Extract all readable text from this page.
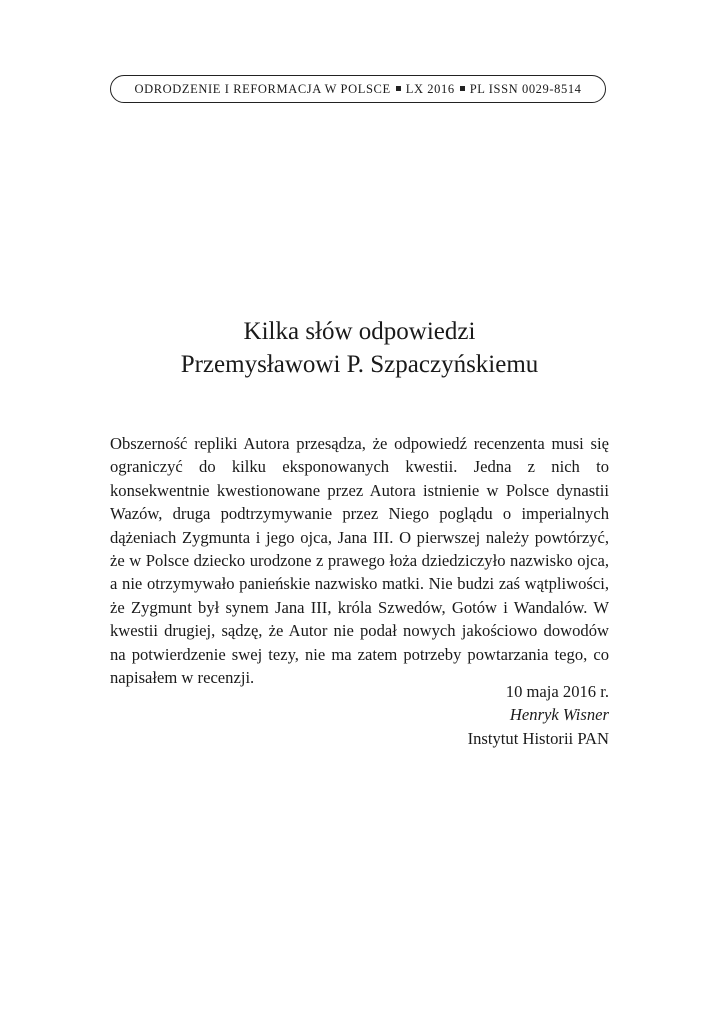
ODRODZENIE I REFORMACJA W POLSCE LX 2016 PL ISSN 0029-8514
Kilka słów odpowiedzi
Przemysławowi P. Szpaczyńskiemu

Obszerność repliki Autora przesądza, że odpowiedź recenzenta musi się ograniczyć do kilku eksponowanych kwestii. Jedna z nich to konsekwentnie kwestionowane przez Autora istnienie w Polsce dynastii Wazów, druga podtrzymywanie przez Niego poglądu o imperialnych dążeniach Zygmunta i jego ojca, Jana III. O pierwszej należy powtórzyć, że w Polsce dziecko urodzone z prawego łoża dziedziczyło nazwisko ojca, a nie otrzymywało panieńskie nazwisko matki. Nie budzi zaś wątpliwości, że Zygmunt był synem Jana III, króla Szwedów, Gotów i Wandalów. W kwestii drugiej, sądzę, że Autor nie podał nowych jakościowo dowodów na potwierdzenie swej tezy, nie ma zatem potrzeby powtarzania tego, co napisałem w recenzji.

10 maja 2016 r.
Henryk Wisner
Instytut Historii PAN
